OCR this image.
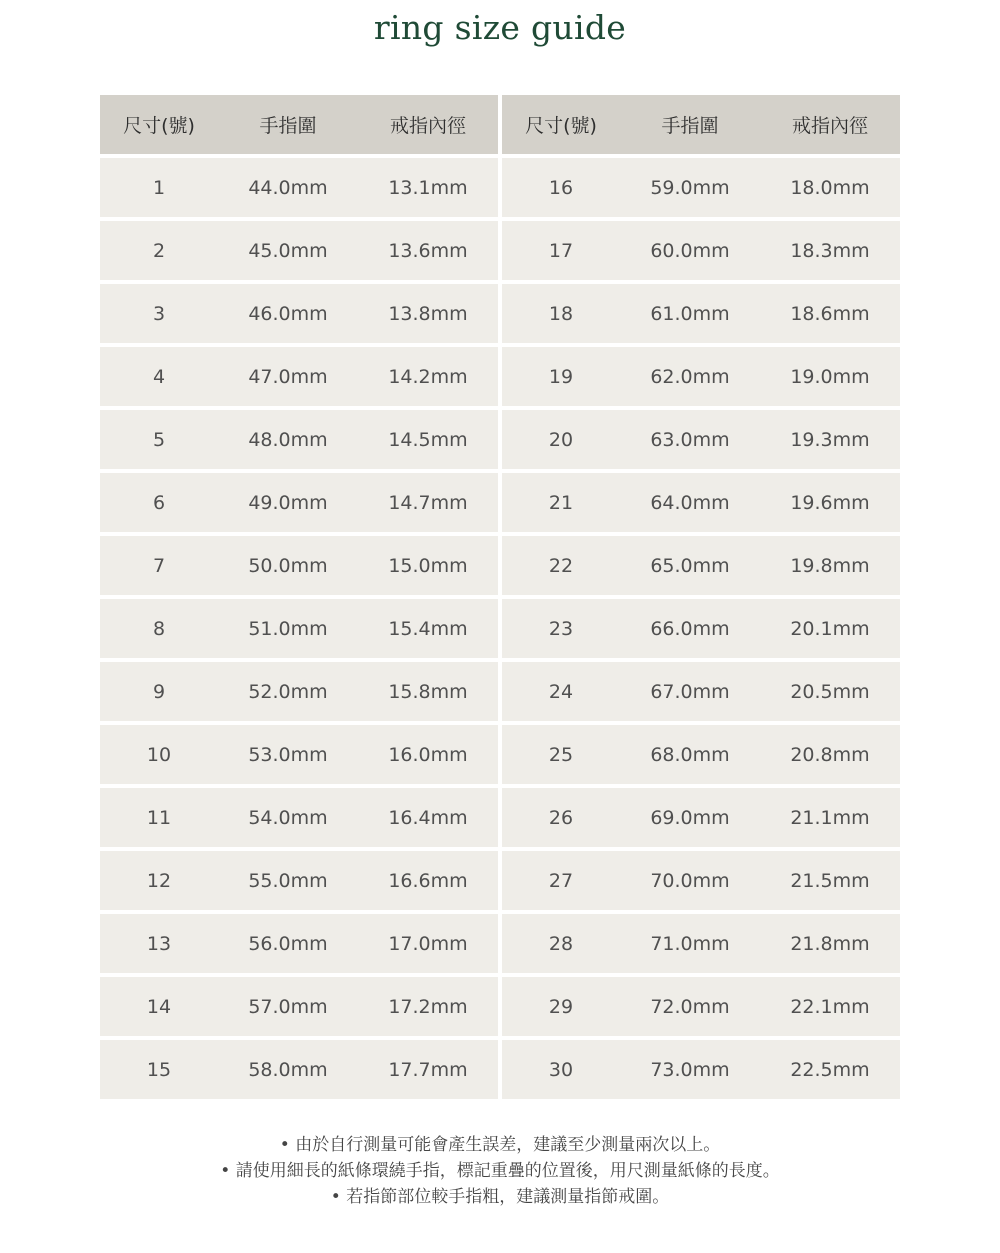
ring size guide
尺寸(號)	手指圍	戒指內徑
1	44.0mm	13.1mm
2	45.0mm	13.6mm
3	46.0mm	13.8mm
4	47.0mm	14.2mm
5	48.0mm	14.5mm
6	49.0mm	14.7mm
7	50.0mm	15.0mm
8	51.0mm	15.4mm
9	52.0mm	15.8mm
10	53.0mm	16.0mm
11	54.0mm	16.4mm
12	55.0mm	16.6mm
13	56.0mm	17.0mm
14	57.0mm	17.2mm
15	58.0mm	17.7mm
尺寸(號)	手指圍	戒指內徑
16	59.0mm	18.0mm
17	60.0mm	18.3mm
18	61.0mm	18.6mm
19	62.0mm	19.0mm
20	63.0mm	19.3mm
21	64.0mm	19.6mm
22	65.0mm	19.8mm
23	66.0mm	20.1mm
24	67.0mm	20.5mm
25	68.0mm	20.8mm
26	69.0mm	21.1mm
27	70.0mm	21.5mm
28	71.0mm	21.8mm
29	72.0mm	22.1mm
30	73.0mm	22.5mm
• 由於自行測量可能會產生誤差，建議至少測量兩次以上。
• 請使用細長的紙條環繞手指，標記重疊的位置後，用尺測量紙條的長度。
• 若指節部位較手指粗，建議測量指節戒圍。
